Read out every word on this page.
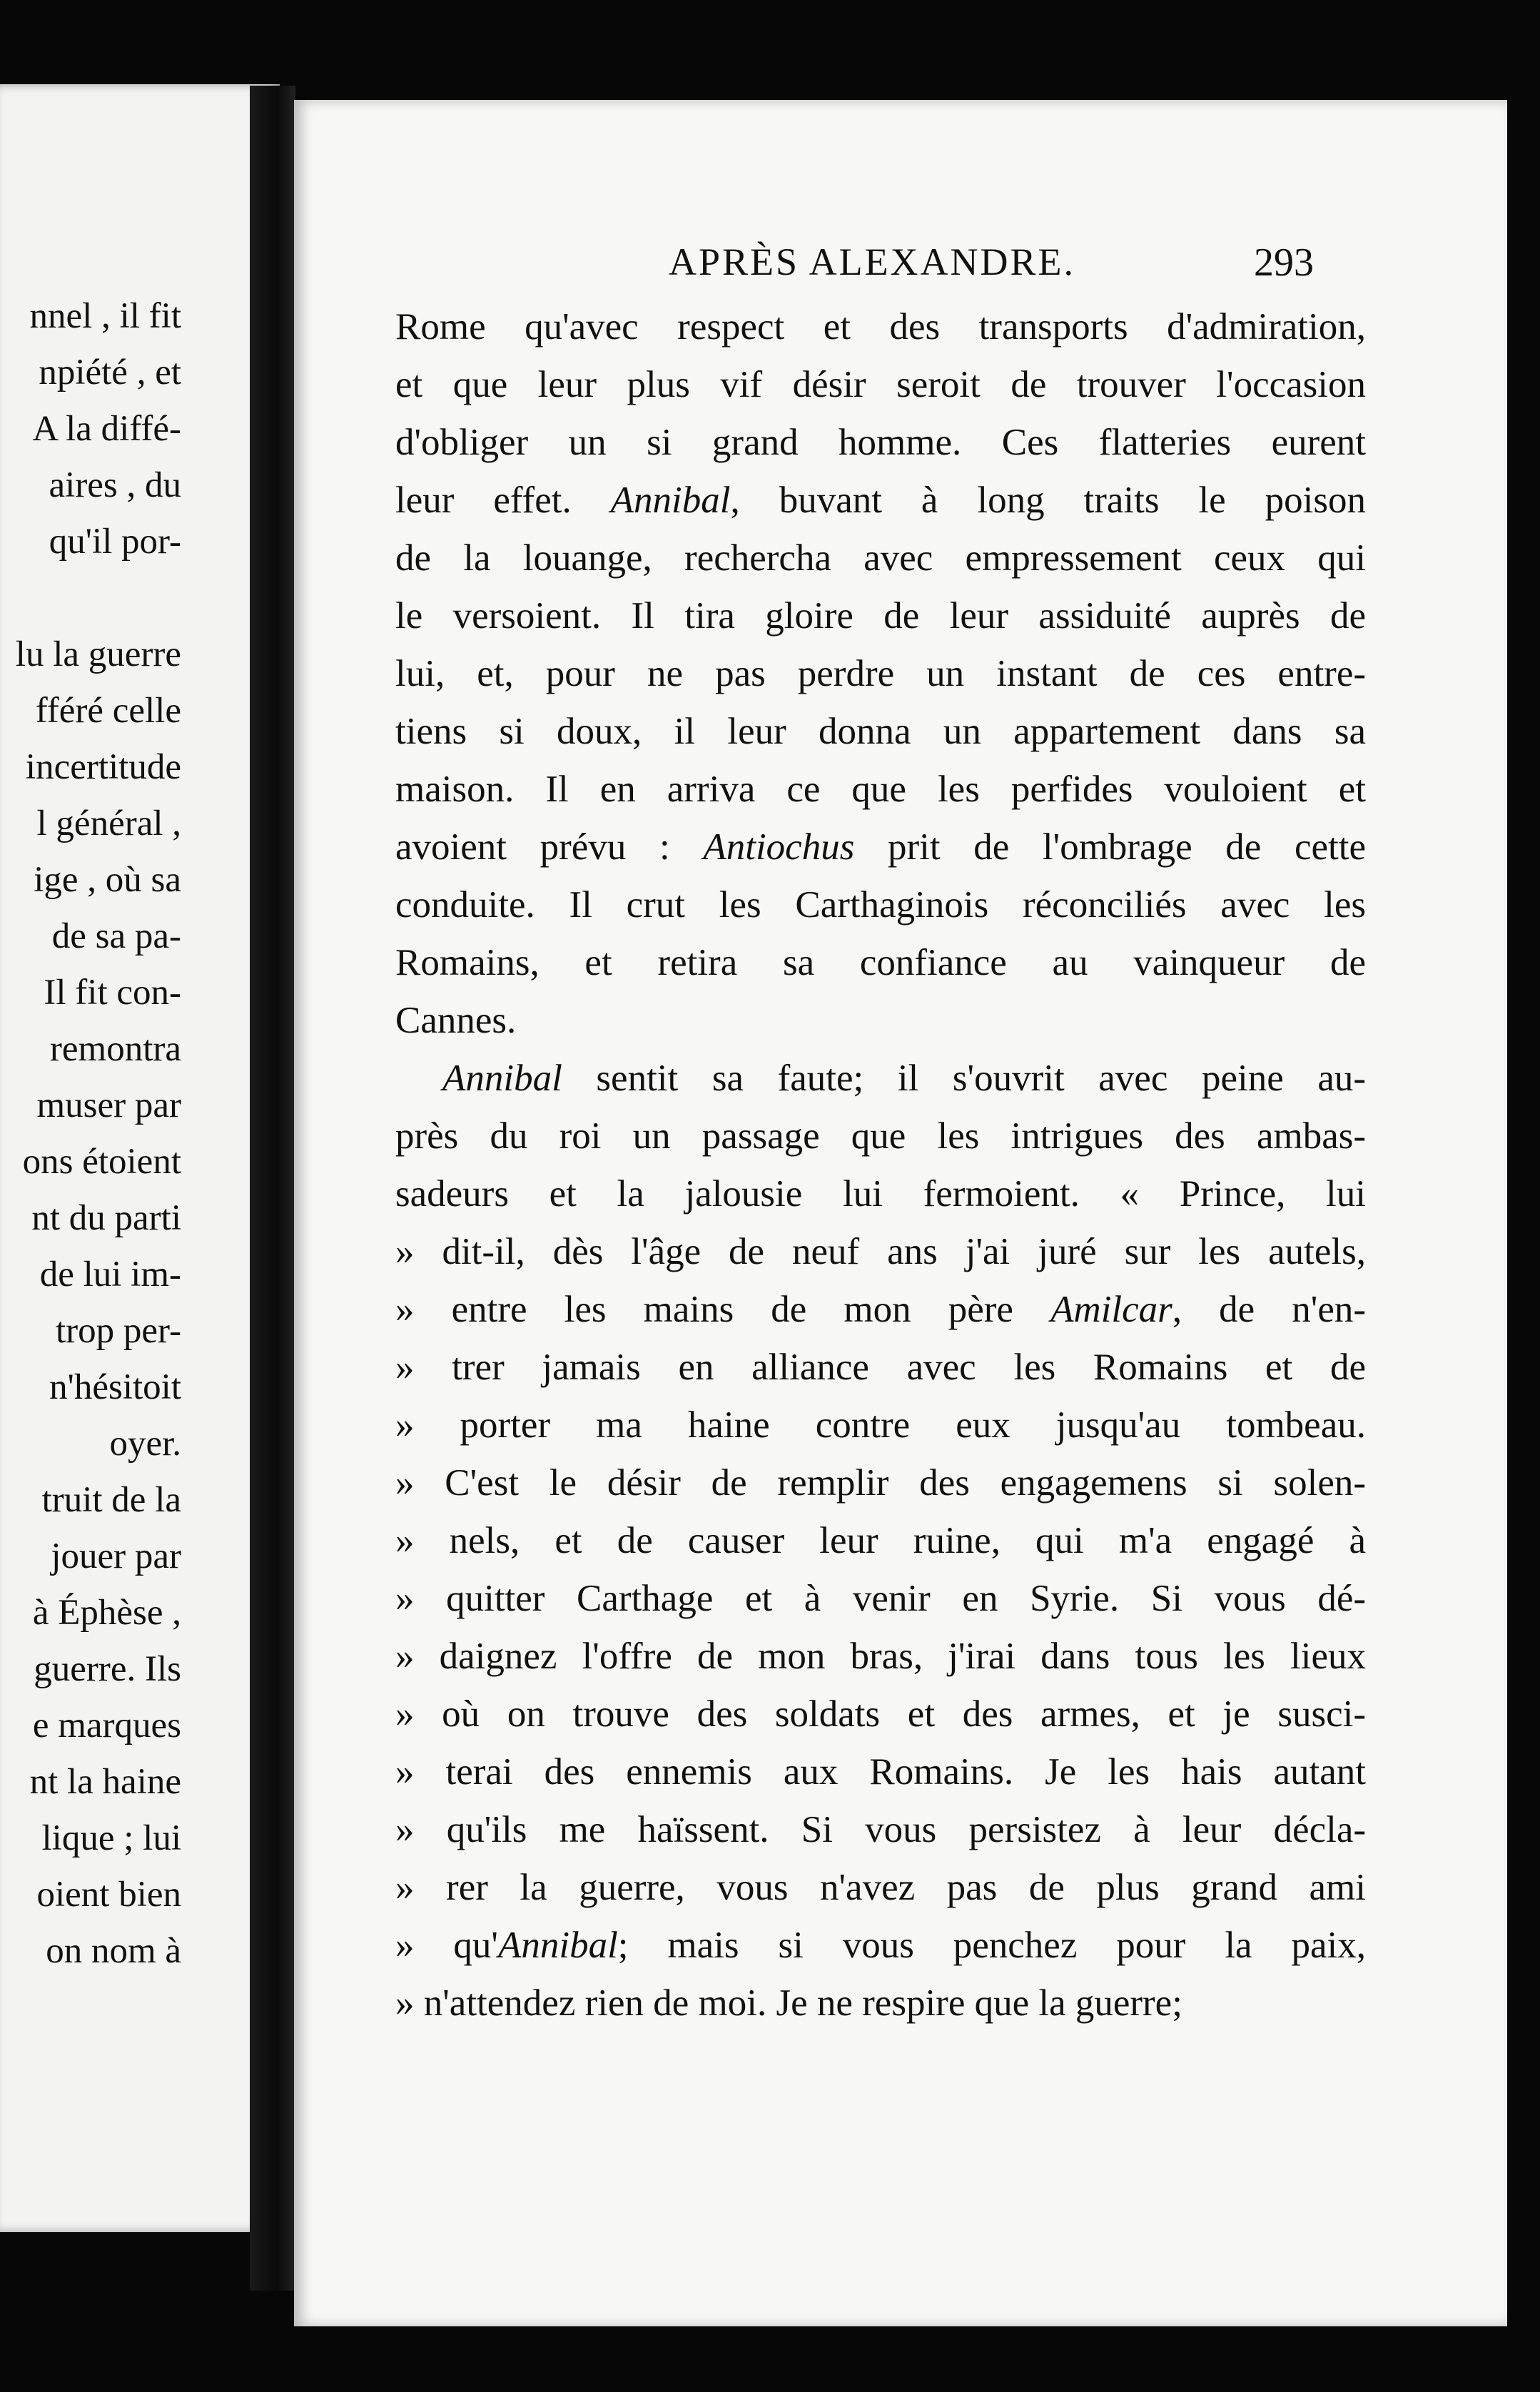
nnel , il fit
npiété , et
A la diffé-
aires , du
qu'il por-
lu la guerre
fféré celle
incertitude
l général ,
ige , où sa
de sa pa-
Il fit con-
remontra
muser par
ons étoient
nt du parti
de lui im-
trop per-
n'hésitoit
oyer.
truit de la
jouer par
à Éphèse ,
guerre. Ils
e marques
nt la haine
lique ; lui
oient bien
on nom à
APRÈS ALEXANDRE.	293
Rome qu'avec respect et des transports d'admiration,
et que leur plus vif désir seroit de trouver l'occasion
d'obliger un si grand homme. Ces flatteries eurent
leur effet. Annibal, buvant à long traits le poison
de la louange, rechercha avec empressement ceux qui
le versoient. Il tira gloire de leur assiduité auprès de
lui, et, pour ne pas perdre un instant de ces entre-
tiens si doux, il leur donna un appartement dans sa
maison. Il en arriva ce que les perfides vouloient et
avoient prévu : Antiochus prit de l'ombrage de cette
conduite. Il crut les Carthaginois réconciliés avec les
Romains, et retira sa confiance au vainqueur de
Cannes.
Annibal sentit sa faute; il s'ouvrit avec peine au-
près du roi un passage que les intrigues des ambas-
sadeurs et la jalousie lui fermoient. « Prince, lui
» dit-il, dès l'âge de neuf ans j'ai juré sur les autels,
» entre les mains de mon père Amilcar, de n'en-
» trer jamais en alliance avec les Romains et de
» porter ma haine contre eux jusqu'au tombeau.
» C'est le désir de remplir des engagemens si solen-
» nels, et de causer leur ruine, qui m'a engagé à
» quitter Carthage et à venir en Syrie. Si vous dé-
» daignez l'offre de mon bras, j'irai dans tous les lieux
» où on trouve des soldats et des armes, et je susci-
» terai des ennemis aux Romains. Je les hais autant
» qu'ils me haïssent. Si vous persistez à leur décla-
» rer la guerre, vous n'avez pas de plus grand ami
» qu'Annibal; mais si vous penchez pour la paix,
» n'attendez rien de moi. Je ne respire que la guerre;
